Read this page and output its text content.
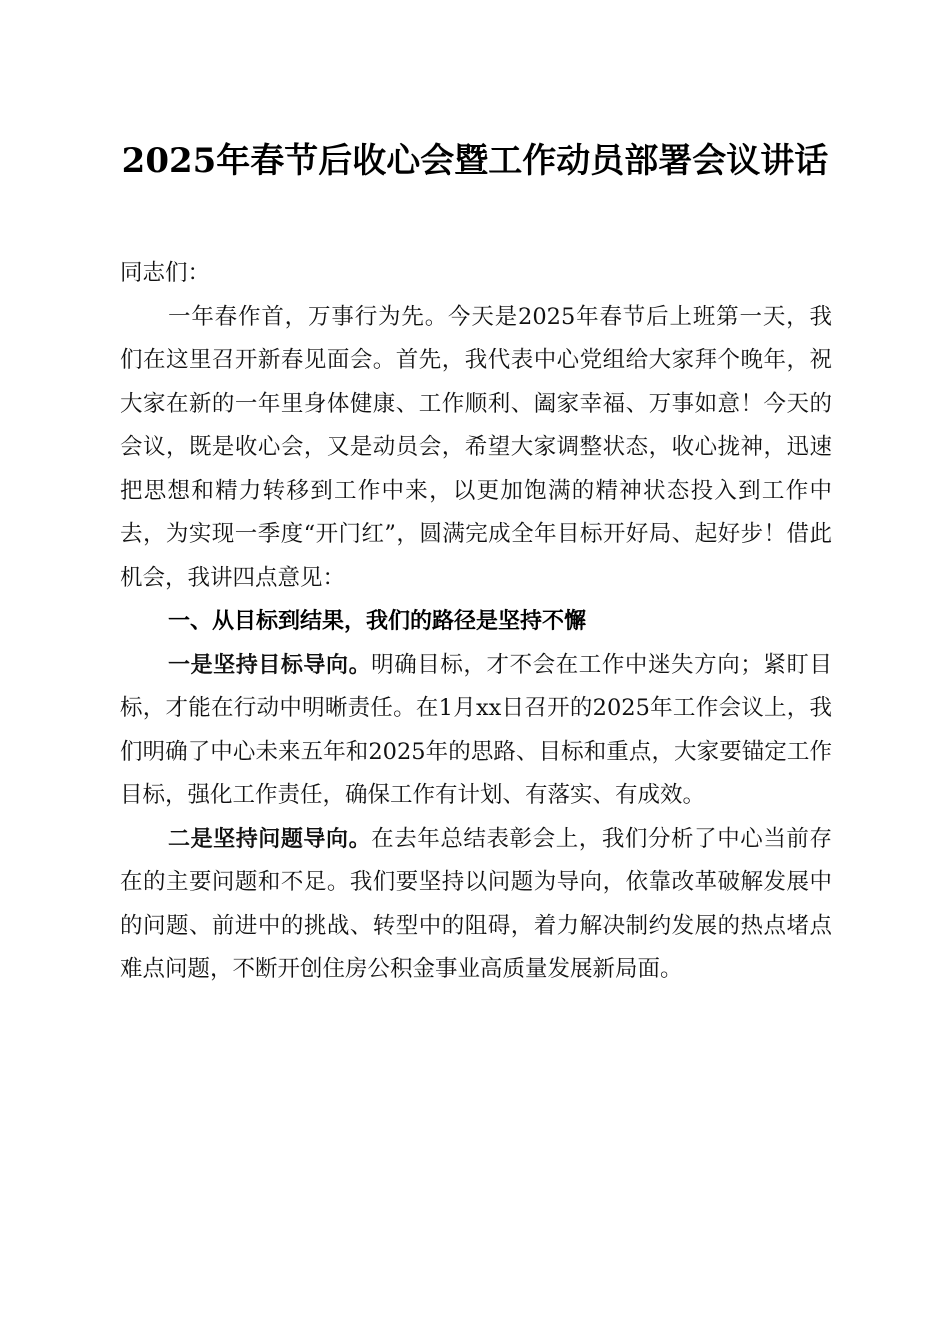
2025年春节后收心会暨工作动员部署会议讲话

同志们：

一年春作首，万事行为先。今天是2025年春节后上班第一天，我们在这里召开新春见面会。首先，我代表中心党组给大家拜个晚年，祝大家在新的一年里身体健康、工作顺利、阖家幸福、万事如意！今天的会议，既是收心会，又是动员会，希望大家调整状态，收心拢神，迅速把思想和精力转移到工作中来，以更加饱满的精神状态投入到工作中去，为实现一季度“开门红”，圆满完成全年目标开好局、起好步！借此机会，我讲四点意见：

一、从目标到结果，我们的路径是坚持不懈

一是坚持目标导向。明确目标，才不会在工作中迷失方向；紧盯目标，才能在行动中明晰责任。在1月xx日召开的2025年工作会议上，我们明确了中心未来五年和2025年的思路、目标和重点，大家要锚定工作目标，强化工作责任，确保工作有计划、有落实、有成效。

二是坚持问题导向。在去年总结表彰会上，我们分析了中心当前存在的主要问题和不足。我们要坚持以问题为导向，依靠改革破解发展中的问题、前进中的挑战、转型中的阻碍，着力解决制约发展的热点堵点难点问题，不断开创住房公积金事业高质量发展新局面。
